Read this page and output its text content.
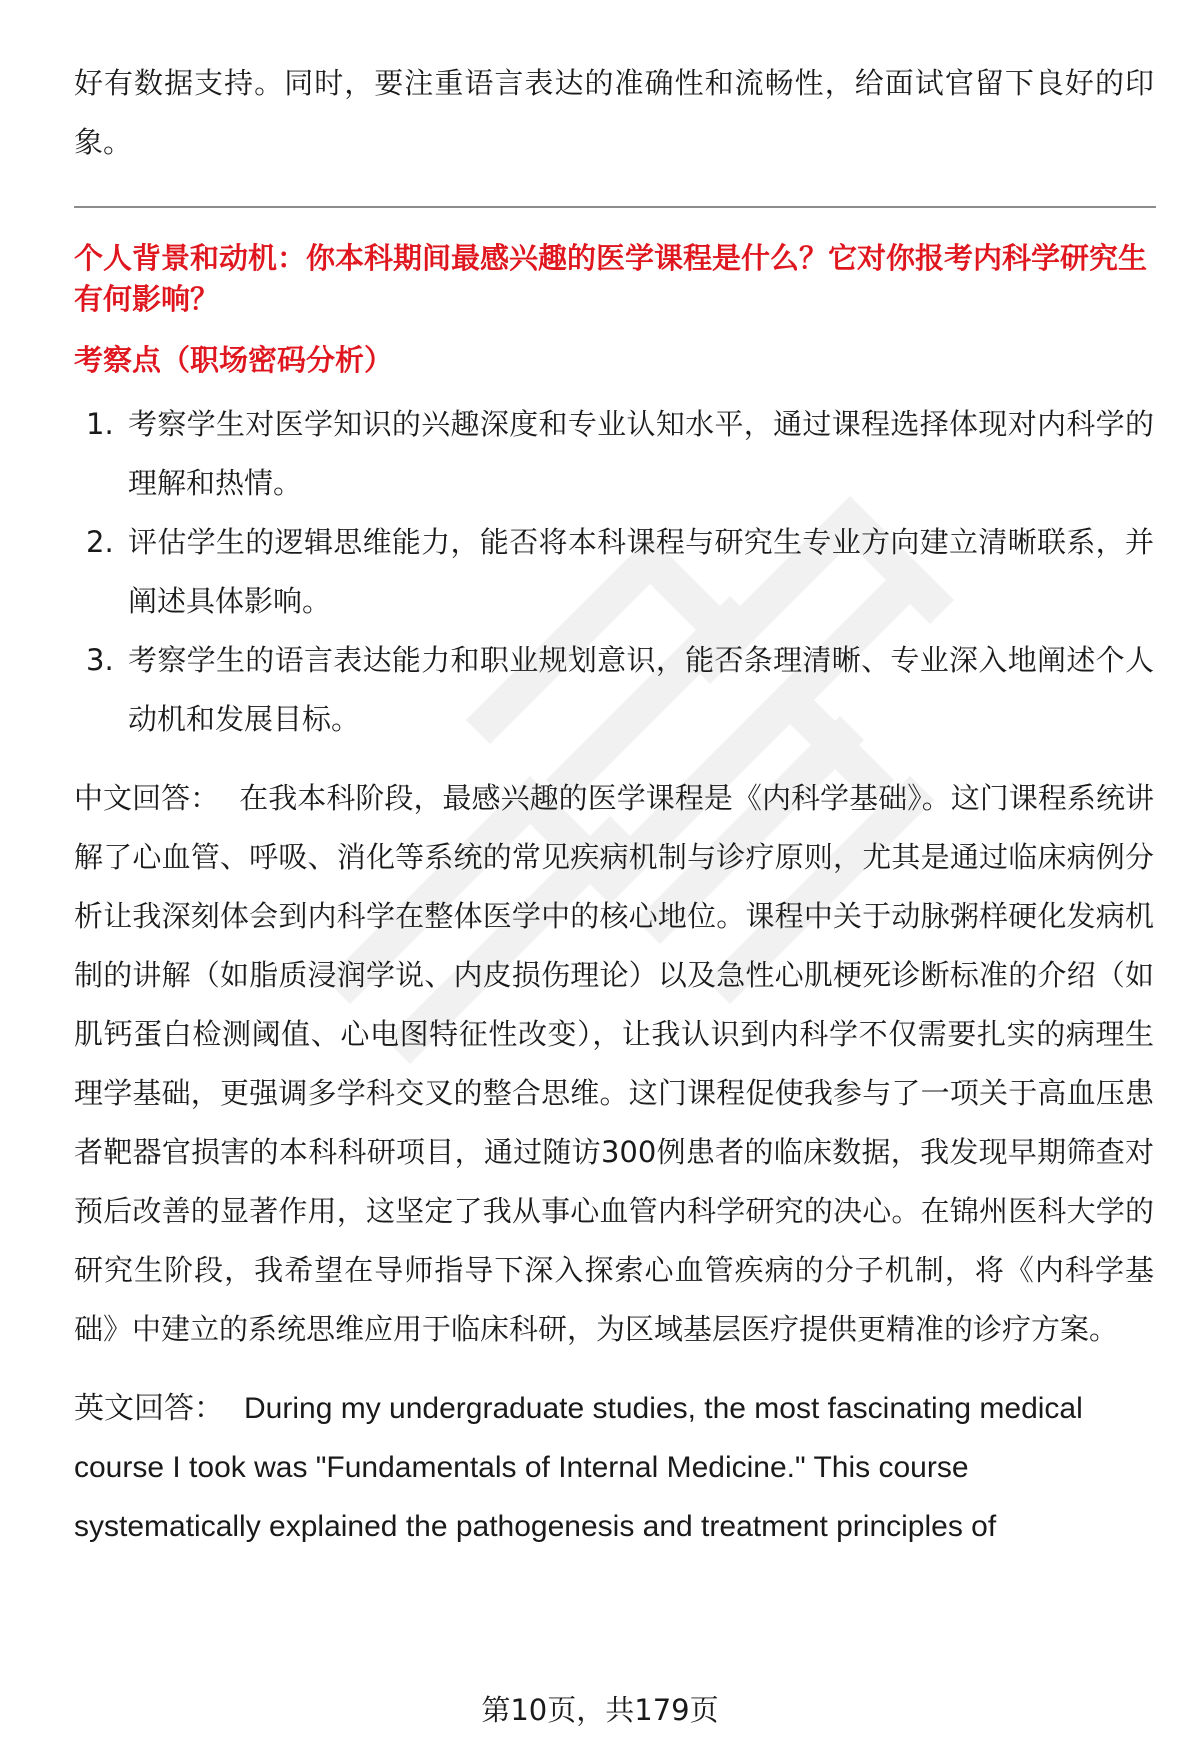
好有数据支持。同时，要注重语言表达的准确性和流畅性，给面试官留下良好的印象。

个人背景和动机：你本科期间最感兴趣的医学课程是什么？它对你报考内科学研究生有何影响？

考察点（职场密码分析）

1. 考察学生对医学知识的兴趣深度和专业认知水平，通过课程选择体现对内科学的理解和热情。
2. 评估学生的逻辑思维能力，能否将本科课程与研究生专业方向建立清晰联系，并阐述具体影响。
3. 考察学生的语言表达能力和职业规划意识，能否条理清晰、专业深入地阐述个人动机和发展目标。

中文回答： 在我本科阶段，最感兴趣的医学课程是《内科学基础》。这门课程系统讲解了心血管、呼吸、消化等系统的常见疾病机制与诊疗原则，尤其是通过临床病例分析让我深刻体会到内科学在整体医学中的核心地位。课程中关于动脉粥样硬化发病机制的讲解（如脂质浸润学说、内皮损伤理论）以及急性心肌梗死诊断标准的介绍（如肌钙蛋白检测阈值、心电图特征性改变），让我认识到内科学不仅需要扎实的病理生理学基础，更强调多学科交叉的整合思维。这门课程促使我参与了一项关于高血压患者靶器官损害的本科科研项目，通过随访300例患者的临床数据，我发现早期筛查对预后改善的显著作用，这坚定了我从事心血管内科学研究的决心。在锦州医科大学的研究生阶段，我希望在导师指导下深入探索心血管疾病的分子机制，将《内科学基础》中建立的系统思维应用于临床科研，为区域基层医疗提供更精准的诊疗方案。

英文回答： During my undergraduate studies, the most fascinating medical course I took was "Fundamentals of Internal Medicine." This course systematically explained the pathogenesis and treatment principles of

第10页，共179页
